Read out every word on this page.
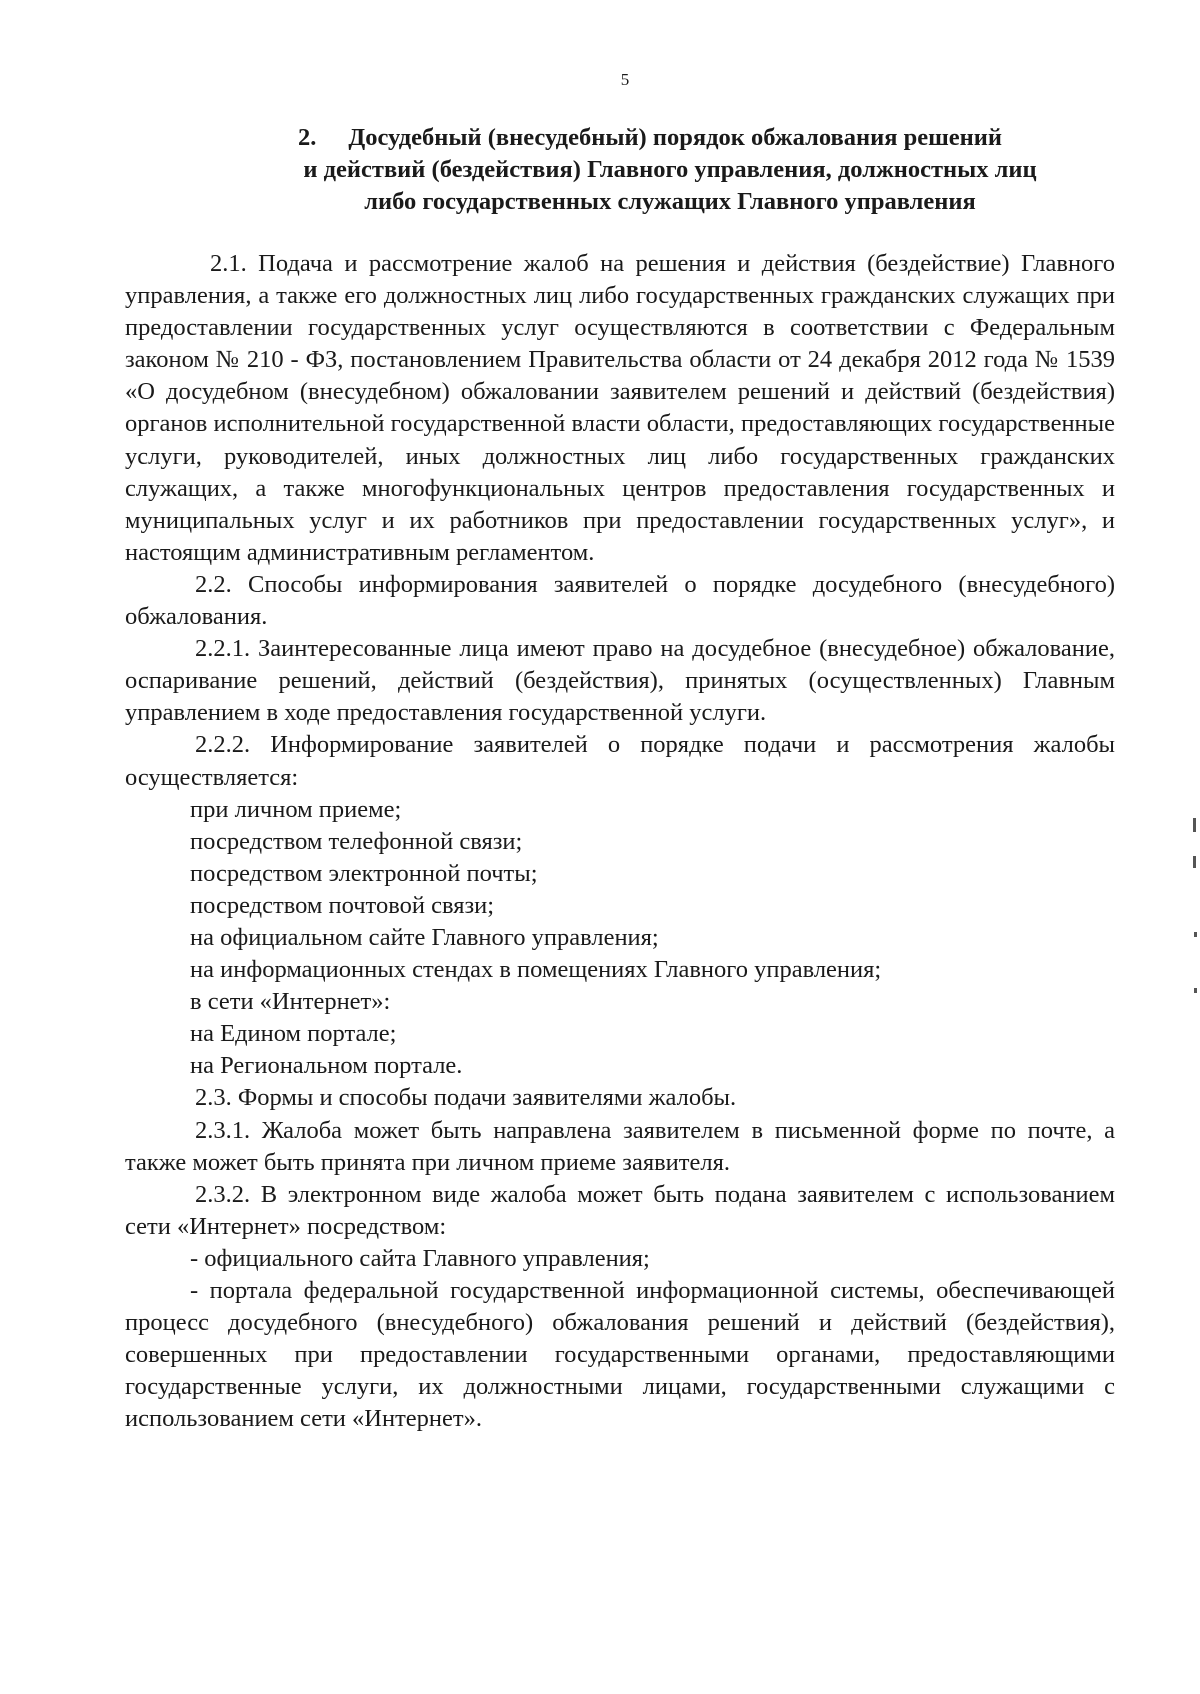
5
2. Досудебный (внесудебный) порядок обжалования решений
и действий (бездействия) Главного управления, должностных лиц
либо государственных служащих Главного управления

2.1. Подача и рассмотрение жалоб на решения и действия (бездействие) Главного управления, а также его должностных лиц либо государственных гражданских служащих при предоставлении государственных услуг осуществляются в соответствии с Федеральным законом № 210 - ФЗ, постановлением Правительства области от 24 декабря 2012 года № 1539 «О досудебном (внесудебном) обжаловании заявителем решений и действий (бездействия) органов исполнительной государственной власти области, предоставляющих государственные услуги, руководителей, иных должностных лиц либо государственных гражданских служащих, а также многофункциональных центров предоставления государственных и муниципальных услуг и их работников при предоставлении государственных услуг», и настоящим административным регламентом.

2.2. Способы информирования заявителей о порядке досудебного (внесудебного) обжалования.

2.2.1. Заинтересованные лица имеют право на досудебное (внесудебное) обжалование, оспаривание решений, действий (бездействия), принятых (осуществленных) Главным управлением в ходе предоставления государственной услуги.

2.2.2. Информирование заявителей о порядке подачи и рассмотрения жалобы осуществляется:

при личном приеме;

посредством телефонной связи;

посредством электронной почты;

посредством почтовой связи;

на официальном сайте Главного управления;

на информационных стендах в помещениях Главного управления;

в сети «Интернет»:

на Едином портале;

на Региональном портале.

2.3. Формы и способы подачи заявителями жалобы.

2.3.1. Жалоба может быть направлена заявителем в письменной форме по почте, а также может быть принята при личном приеме заявителя.

2.3.2. В электронном виде жалоба может быть подана заявителем с использованием сети «Интернет» посредством:

- официального сайта Главного управления;

- портала федеральной государственной информационной системы, обеспечивающей процесс досудебного (внесудебного) обжалования решений и действий (бездействия), совершенных при предоставлении государственными органами, предоставляющими государственные услуги, их должностными лицами, государственными служащими с использованием сети «Интернет».
